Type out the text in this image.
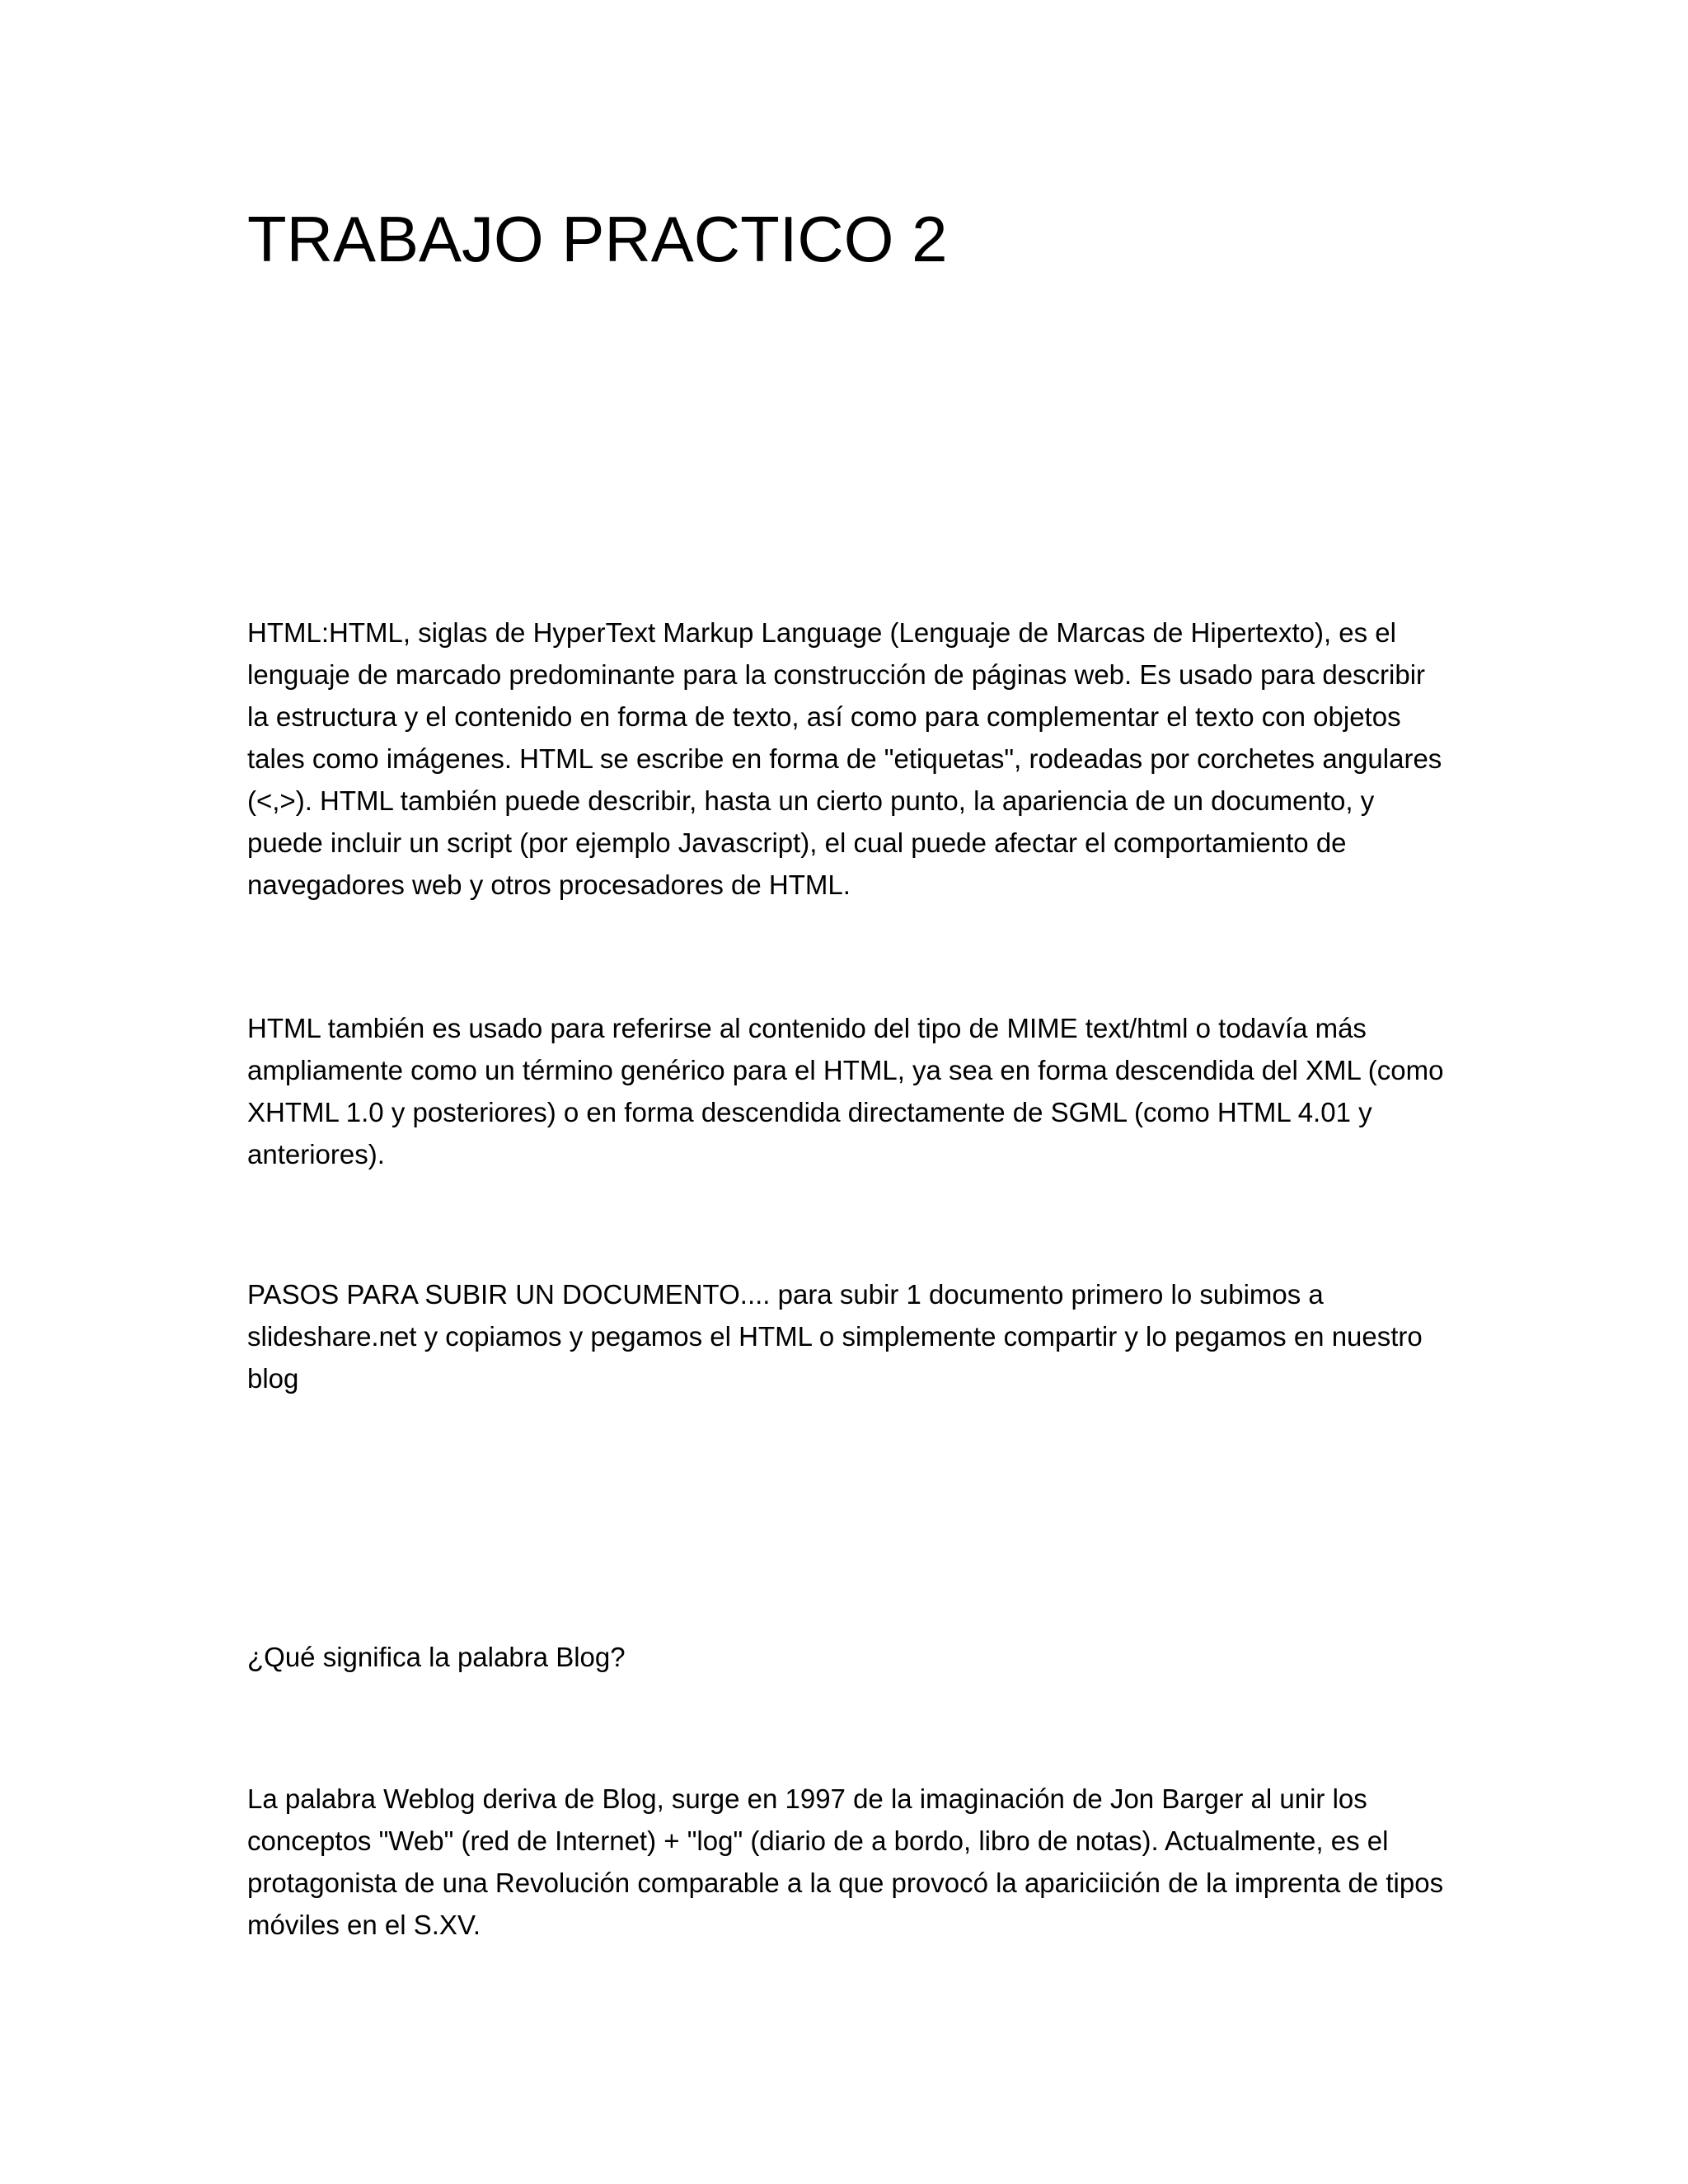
TRABAJO PRACTICO 2

HTML:HTML, siglas de HyperText Markup Language (Lenguaje de Marcas de Hipertexto), es el lenguaje de marcado predominante para la construcción de páginas web. Es usado para describir la estructura y el contenido en forma de texto, así como para complementar el texto con objetos tales como imágenes. HTML se escribe en forma de "etiquetas", rodeadas por corchetes angulares (<,>). HTML también puede describir, hasta un cierto punto, la apariencia de un documento, y puede incluir un script (por ejemplo Javascript), el cual puede afectar el comportamiento de navegadores web y otros procesadores de HTML.

HTML también es usado para referirse al contenido del tipo de MIME text/html o todavía más ampliamente como un término genérico para el HTML, ya sea en forma descendida del XML (como XHTML 1.0 y posteriores) o en forma descendida directamente de SGML (como HTML 4.01 y anteriores).

PASOS PARA SUBIR UN DOCUMENTO.... para subir 1 documento primero lo subimos a slideshare.net y copiamos y pegamos el HTML o simplemente compartir y lo pegamos en nuestro blog

¿Qué significa la palabra Blog?

La palabra Weblog deriva de Blog, surge en 1997 de la imaginación de Jon Barger al unir los conceptos "Web" (red de Internet) + "log" (diario de a bordo, libro de notas). Actualmente, es el protagonista de una Revolución comparable a la que provocó la apariciición de la imprenta de tipos móviles en el S.XV.
